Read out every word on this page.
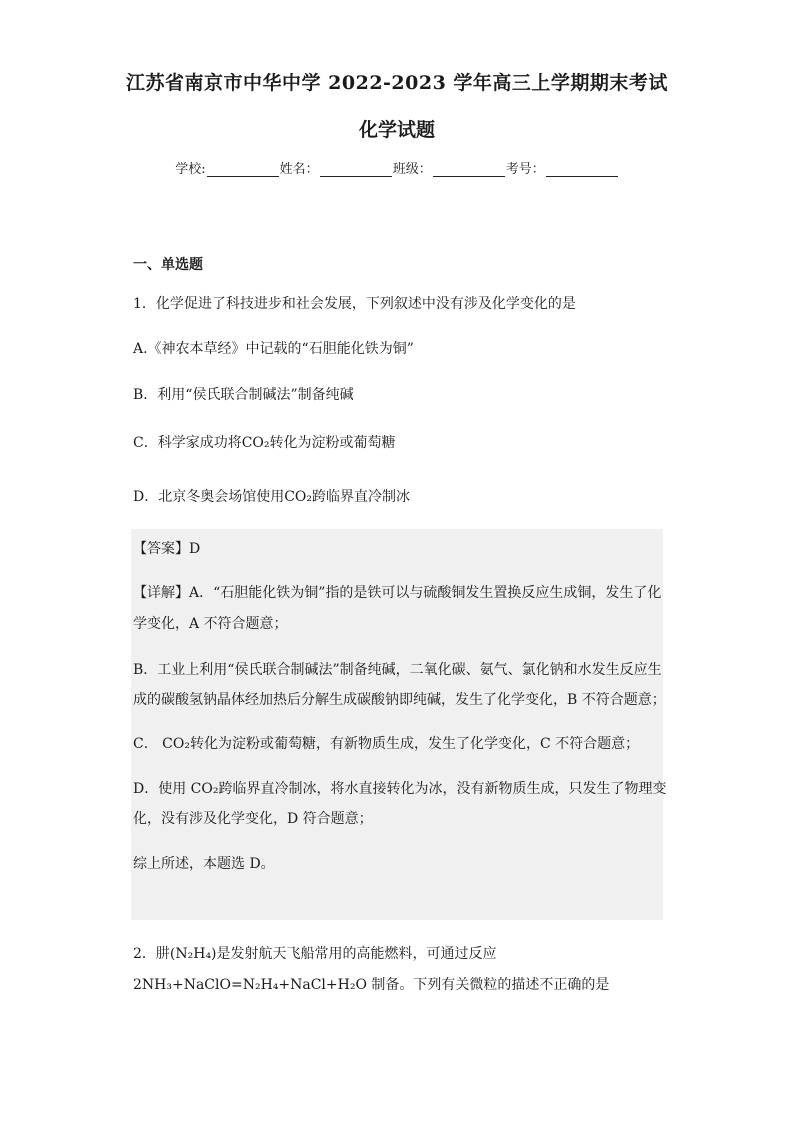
江苏省南京市中华中学 2022-2023 学年高三上学期期末考试
化学试题
学校:	姓名：	班级：	考号：
一、单选题
1．化学促进了科技进步和社会发展，下列叙述中没有涉及化学变化的是
A.《神农本草经》中记载的“石胆能化铁为铜”
B．利用“侯氏联合制碱法”制备纯碱
C．科学家成功将CO₂转化为淀粉或葡萄糖
D．北京冬奥会场馆使用CO₂跨临界直冷制冰
【答案】D
【详解】A．“石胆能化铁为铜”指的是铁可以与硫酸铜发生置换反应生成铜，发生了化
学变化，A 不符合题意；
B．工业上利用“侯氏联合制碱法”制备纯碱，二氧化碳、氨气、氯化钠和水发生反应生
成的碳酸氢钠晶体经加热后分解生成碳酸钠即纯碱，发生了化学变化，B 不符合题意；
C． CO₂转化为淀粉或葡萄糖，有新物质生成，发生了化学变化，C 不符合题意；
D．使用 CO₂跨临界直冷制冰，将水直接转化为冰，没有新物质生成，只发生了物理变
化，没有涉及化学变化，D 符合题意；
综上所述，本题选 D。
2．肼(N₂H₄)是发射航天飞船常用的高能燃料，可通过反应
2NH₃+NaClO=N₂H₄+NaCl+H₂O 制备。下列有关微粒的描述不正确的是
